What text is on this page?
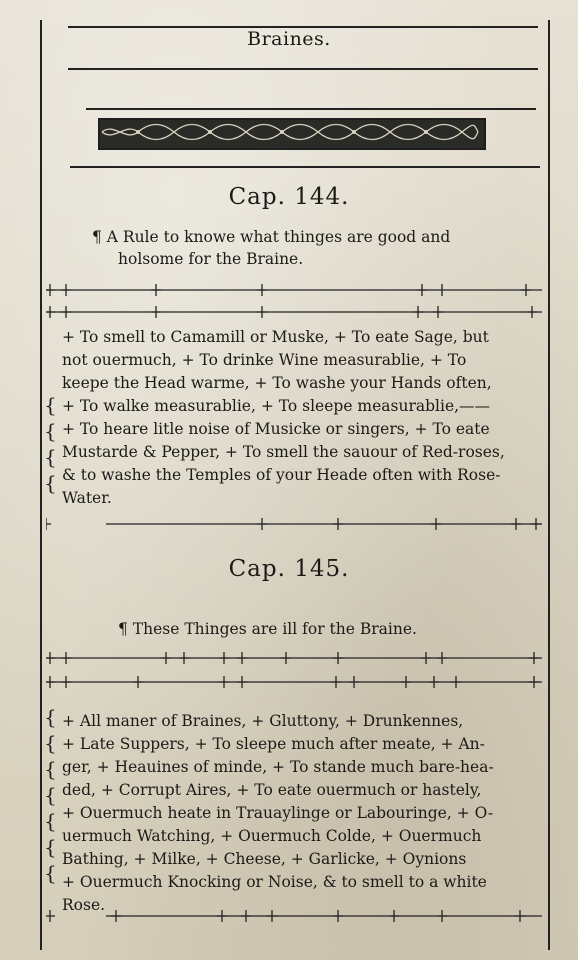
Braines.
Cap. 144.
¶ A Rule to knowe what thinges are good and
holsome for the Braine.
{
{
{
{
+ To smell to Camamill or Muske, + To eate Sage, but
not ouermuch, + To drinke Wine measurablie, + To
keepe the Head warme, + To washe your Hands often,
+ To walke measurablie, + To sleepe measurablie,——
+ To heare litle noise of Musicke or singers, + To eate
Mustarde & Pepper, + To smell the sauour of Red-roses,
& to washe the Temples of your Heade often with Rose-
Water.
Cap. 145.
¶ These Thinges are ill for the Braine.
{
{
{
{
{
{
{
+ All maner of Braines, + Gluttony, + Drunkennes,
+ Late Suppers, + To sleepe much after meate, + An-
ger, + Heauines of minde, + To stande much bare-hea-
ded, + Corrupt Aires, + To eate ouermuch or hastely,
+ Ouermuch heate in Trauaylinge or Labouringe, + O-
uermuch Watching, + Ouermuch Colde, + Ouermuch
Bathing, + Milke, + Cheese, + Garlicke, + Oynions
+ Ouermuch Knocking or Noise, & to smell to a white
Rose.
